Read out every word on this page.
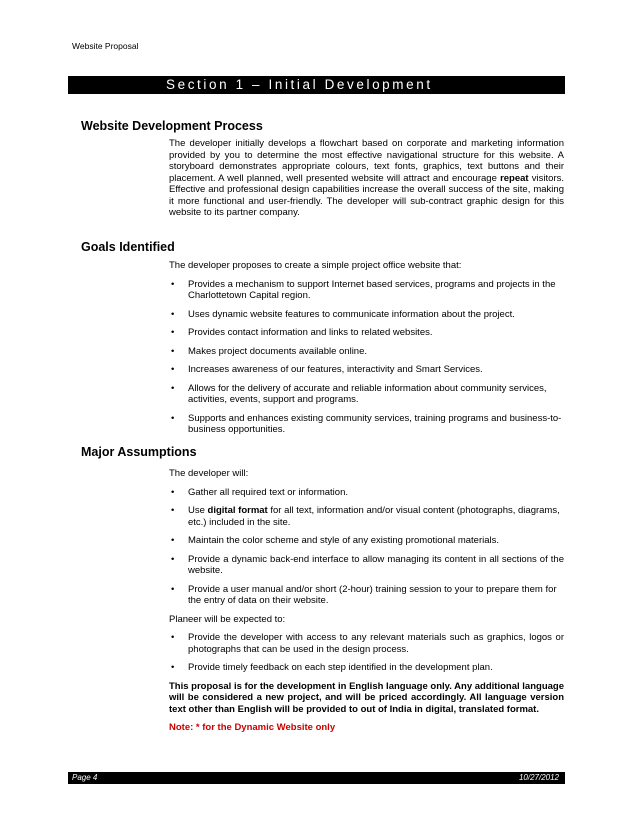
Website Proposal
Section 1 – Initial Development
Website Development Process
The developer initially develops a flowchart based on corporate and marketing information provided by you to determine the most effective navigational structure for this website. A storyboard demonstrates appropriate colours, text fonts, graphics, text buttons and their placement. A well planned, well presented website will attract and encourage repeat visitors. Effective and professional design capabilities increase the overall success of the site, making it more functional and user-friendly. The developer will sub-contract graphic design for this website to its partner company.
Goals Identified

The developer proposes to create a simple project office website that:

• Provides a mechanism to support Internet based services, programs and projects in the Charlottetown Capital region.

• Uses dynamic website features to communicate information about the project.

• Provides contact information and links to related websites.

• Makes project documents available online.

• Increases awareness of our features, interactivity and Smart Services.

• Allows for the delivery of accurate and reliable information about community services, activities, events, support and programs.

• Supports and enhances existing community services, training programs and business-to-business opportunities.

Major Assumptions

The developer will:

• Gather all required text or information.

• Use digital format for all text, information and/or visual content (photographs, diagrams, etc.) included in the site.

• Maintain the color scheme and style of any existing promotional materials.

• Provide a dynamic back-end interface to allow managing its content in all sections of the website.

• Provide a user manual and/or short (2-hour) training session to your to prepare them for the entry of data on their website.

Planeer will be expected to:

• Provide the developer with access to any relevant materials such as graphics, logos or photographs that can be used in the design process.

• Provide timely feedback on each step identified in the development plan.

This proposal is for the development in English language only. Any additional language will be considered a new project, and will be priced accordingly. All language version text other than English will be provided to out of India in digital, translated format.

Note: * for the Dynamic Website only

Page 4	10/27/2012
